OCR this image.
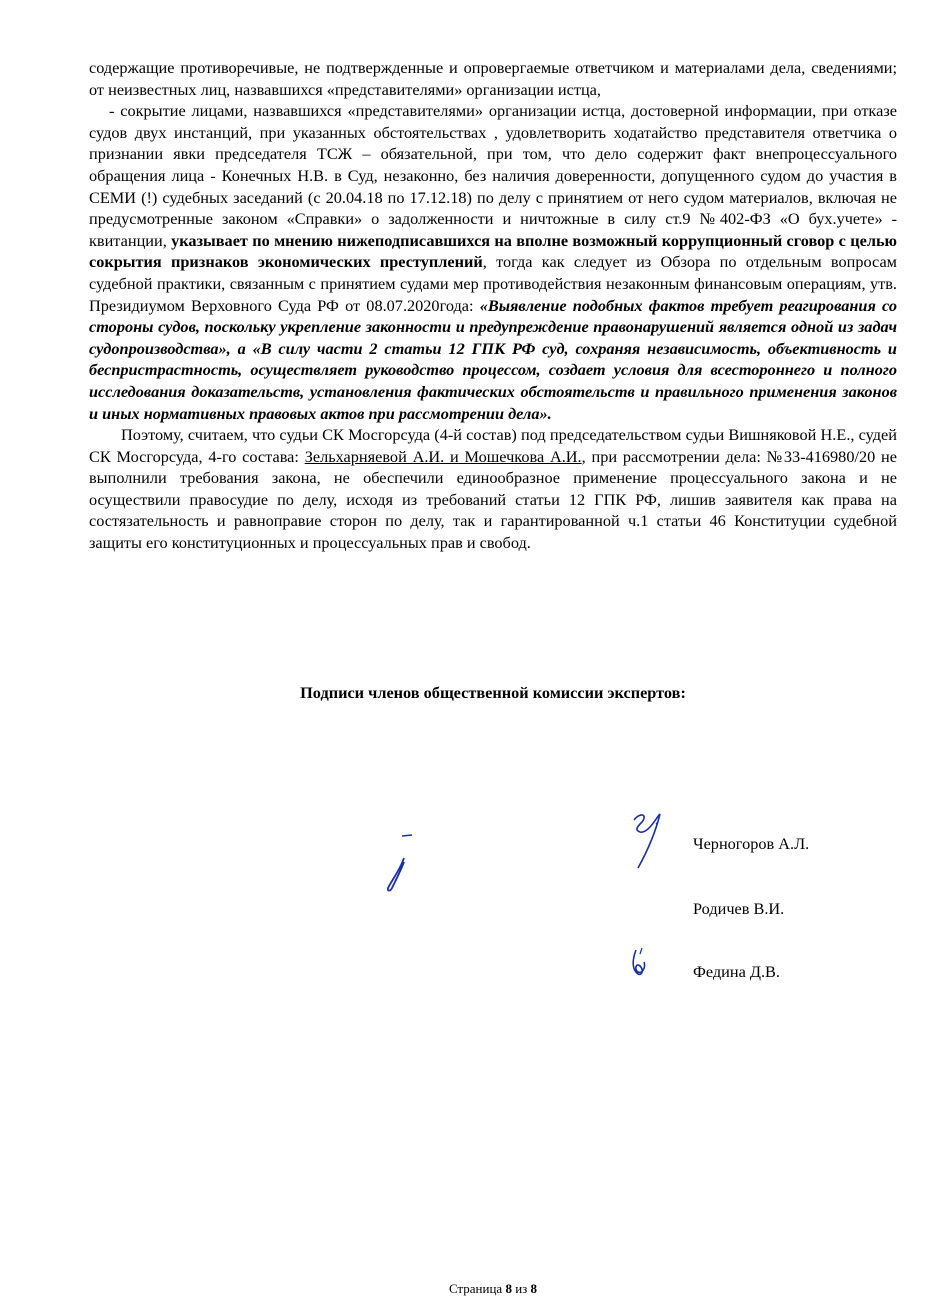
содержащие противоречивые, не подтвержденные и опровергаемые ответчиком и материалами дела, сведениями; от неизвестных лиц, назвавшихся «представителями» организации истца,

- сокрытие лицами, назвавшихся «представителями» организации истца, достоверной информации, при отказе судов двух инстанций, при указанных обстоятельствах , удовлетворить ходатайство представителя ответчика о признании явки председателя ТСЖ – обязательной, при том, что дело содержит факт внепроцессуального обращения лица - Конечных Н.В. в Суд, незаконно, без наличия доверенности, допущенного судом до участия в СЕМИ (!) судебных заседаний (с 20.04.18 по 17.12.18) по делу с принятием от него судом материалов, включая не предусмотренные законом «Справки» о задолженности и ничтожные в силу ст.9 №402-ФЗ «О бух.учете» - квитанции, указывает по мнению нижеподписавшихся на вполне возможный коррупционный сговор с целью сокрытия признаков экономических преступлений, тогда как следует из Обзора по отдельным вопросам судебной практики, связанным с принятием судами мер противодействия незаконным финансовым операциям, утв. Президиумом Верховного Суда РФ от 08.07.2020года: «Выявление подобных фактов требует реагирования со стороны судов, поскольку укрепление законности и предупреждение правонарушений является одной из задач судопроизводства», а «В силу части 2 статьи 12 ГПК РФ суд, сохраняя независимость, объективность и беспристрастность, осуществляет руководство процессом, создает условия для всестороннего и полного исследования доказательств, установления фактических обстоятельств и правильного применения законов и иных нормативных правовых актов при рассмотрении дела».

Поэтому, считаем, что судьи СК Мосгорсуда (4-й состав) под председательством судьи Вишняковой Н.Е., судей СК Мосгорсуда, 4-го состава: Зельхарняевой А.И. и Мошечкова А.И., при рассмотрении дела: №33-416980/20 не выполнили требования закона, не обеспечили единообразное применение процессуального закона и не осуществили правосудие по делу, исходя из требований статьи 12 ГПК РФ, лишив заявителя как права на состязательность и равноправие сторон по делу, так и гарантированной ч.1 статьи 46 Конституции судебной защиты его конституционных и процессуальных прав и свобод.

Подписи членов общественной комиссии экспертов:
Черногоров А.Л.
Родичев В.И.
Федина Д.В.
Страница 8 из 8
